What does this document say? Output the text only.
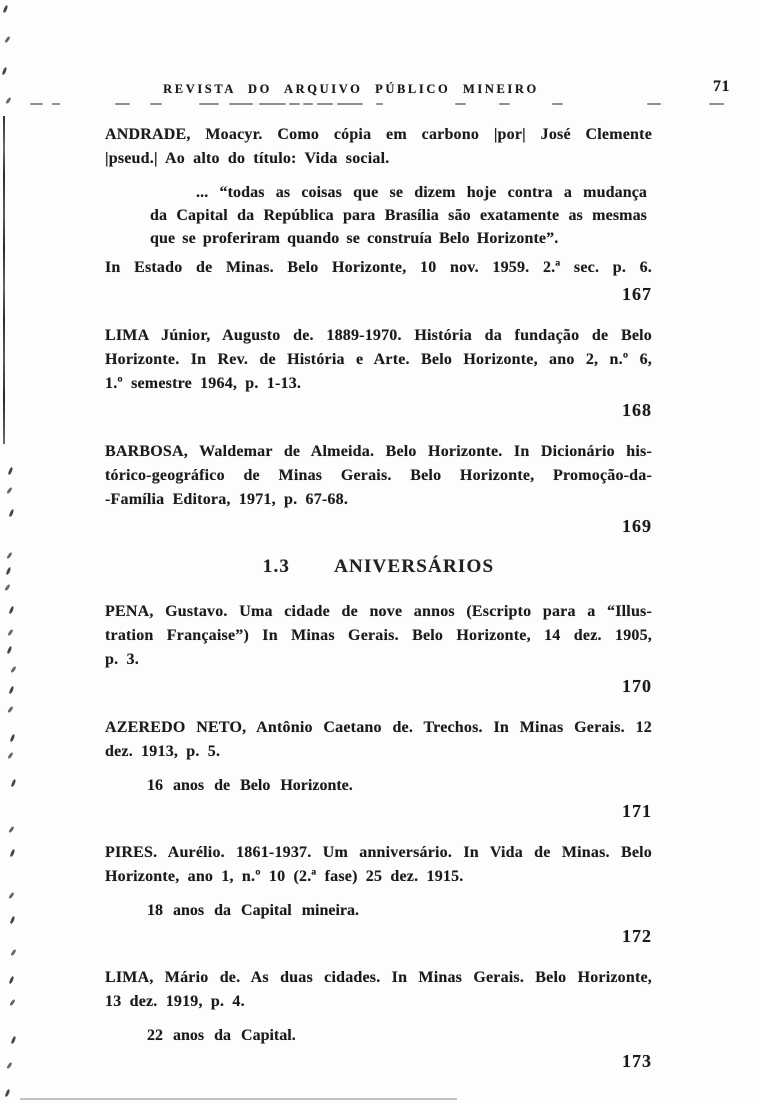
REVISTA DO ARQUIVO PÚBLICO MINEIRO	71
ANDRADE, Moacyr. Como cópia em carbono |por| José Clemente
|pseud.| Ao alto do título: Vida social.
... “todas as coisas que se dizem hoje contra a mudança
da Capital da República para Brasília são exatamente as mesmas
que se proferiram quando se construía Belo Horizonte”.
In Estado de Minas. Belo Horizonte, 10 nov. 1959. 2.ª sec. p. 6.
167
LIMA Júnior, Augusto de. 1889-1970. História da fundação de Belo
Horizonte. In Rev. de História e Arte. Belo Horizonte, ano 2, n.º 6,
1.º semestre 1964, p. 1-13.
168
BARBOSA, Waldemar de Almeida. Belo Horizonte. In Dicionário his-
tórico-geográfico de Minas Gerais. Belo Horizonte, Promoção-da-
-Família Editora, 1971, p. 67-68.
169
1.3 ANIVERSÁRIOS
PENA, Gustavo. Uma cidade de nove annos (Escripto para a “Illus-
tration Française”) In Minas Gerais. Belo Horizonte, 14 dez. 1905,
p. 3.
170
AZEREDO NETO, Antônio Caetano de. Trechos. In Minas Gerais. 12
dez. 1913, p. 5.
16 anos de Belo Horizonte.
171
PIRES. Aurélio. 1861-1937. Um anniversário. In Vida de Minas. Belo
Horizonte, ano 1, n.º 10 (2.ª fase) 25 dez. 1915.
18 anos da Capital mineira.
172
LIMA, Mário de. As duas cidades. In Minas Gerais. Belo Horizonte,
13 dez. 1919, p. 4.
22 anos da Capital.
173
